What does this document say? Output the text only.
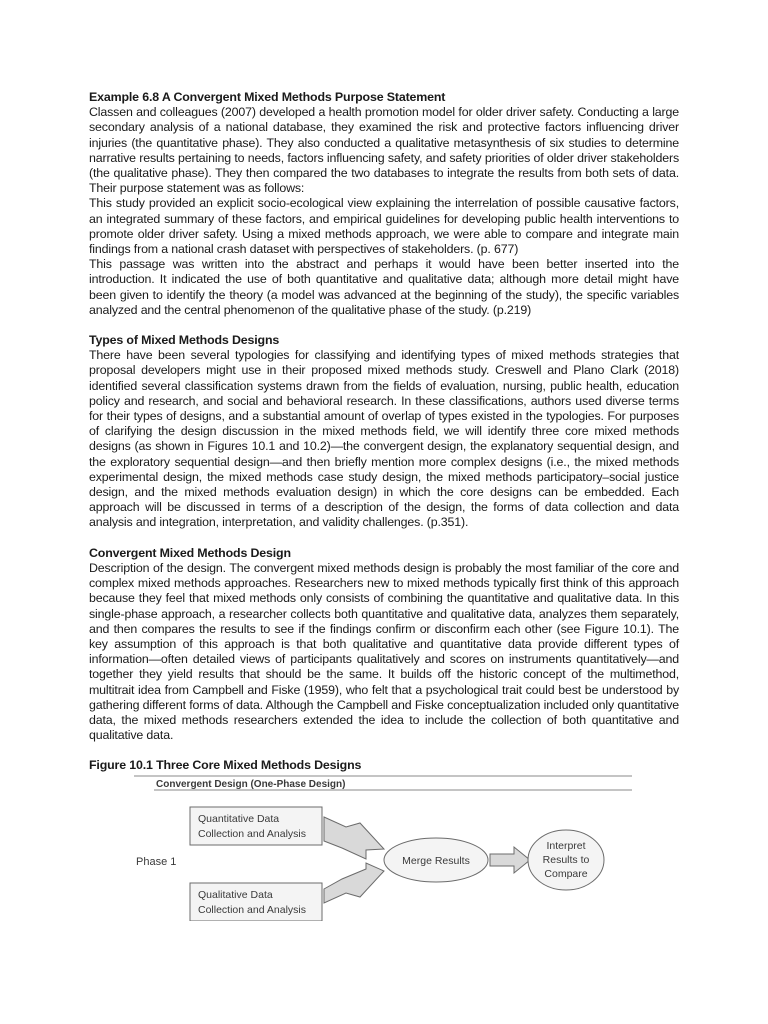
Example 6.8 A Convergent Mixed Methods Purpose Statement

Classen and colleagues (2007) developed a health promotion model for older driver safety. Conducting a large secondary analysis of a national database, they examined the risk and protective factors influencing driver injuries (the quantitative phase). They also conducted a qualitative metasynthesis of six studies to determine narrative results pertaining to needs, factors influencing safety, and safety priorities of older driver stakeholders (the qualitative phase). They then compared the two databases to integrate the results from both sets of data. Their purpose statement was as follows:

This study provided an explicit socio-ecological view explaining the interrelation of possible causative factors, an integrated summary of these factors, and empirical guidelines for developing public health interventions to promote older driver safety. Using a mixed methods approach, we were able to compare and integrate main findings from a national crash dataset with perspectives of stakeholders. (p. 677)

This passage was written into the abstract and perhaps it would have been better inserted into the introduction. It indicated the use of both quantitative and qualitative data; although more detail might have been given to identify the theory (a model was advanced at the beginning of the study), the specific variables analyzed and the central phenomenon of the qualitative phase of the study. (p.219)

Types of Mixed Methods Designs

There have been several typologies for classifying and identifying types of mixed methods strategies that proposal developers might use in their proposed mixed methods study. Creswell and Plano Clark (2018) identified several classification systems drawn from the fields of evaluation, nursing, public health, education policy and research, and social and behavioral research. In these classifications, authors used diverse terms for their types of designs, and a substantial amount of overlap of types existed in the typologies. For purposes of clarifying the design discussion in the mixed methods field, we will identify three core mixed methods designs (as shown in Figures 10.1 and 10.2)—the convergent design, the explanatory sequential design, and the exploratory sequential design—and then briefly mention more complex designs (i.e., the mixed methods experimental design, the mixed methods case study design, the mixed methods participatory–social justice design, and the mixed methods evaluation design) in which the core designs can be embedded. Each approach will be discussed in terms of a description of the design, the forms of data collection and data analysis and integration, interpretation, and validity challenges. (p.351).

Convergent Mixed Methods Design

Description of the design. The convergent mixed methods design is probably the most familiar of the core and complex mixed methods approaches. Researchers new to mixed methods typically first think of this approach because they feel that mixed methods only consists of combining the quantitative and qualitative data. In this single-phase approach, a researcher collects both quantitative and qualitative data, analyzes them separately, and then compares the results to see if the findings confirm or disconfirm each other (see Figure 10.1). The key assumption of this approach is that both qualitative and quantitative data provide different types of information—often detailed views of participants qualitatively and scores on instruments quantitatively—and together they yield results that should be the same. It builds off the historic concept of the multimethod, multitrait idea from Campbell and Fiske (1959), who felt that a psychological trait could best be understood by gathering different forms of data. Although the Campbell and Fiske conceptualization included only quantitative data, the mixed methods researchers extended the idea to include the collection of both quantitative and qualitative data.

Figure 10.1 Three Core Mixed Methods Designs

Convergent Design (One-Phase Design)
Phase 1
Quantitative Data
Collection and Analysis
Qualitative Data
Collection and Analysis
Merge Results
Interpret
Results to
Compare
